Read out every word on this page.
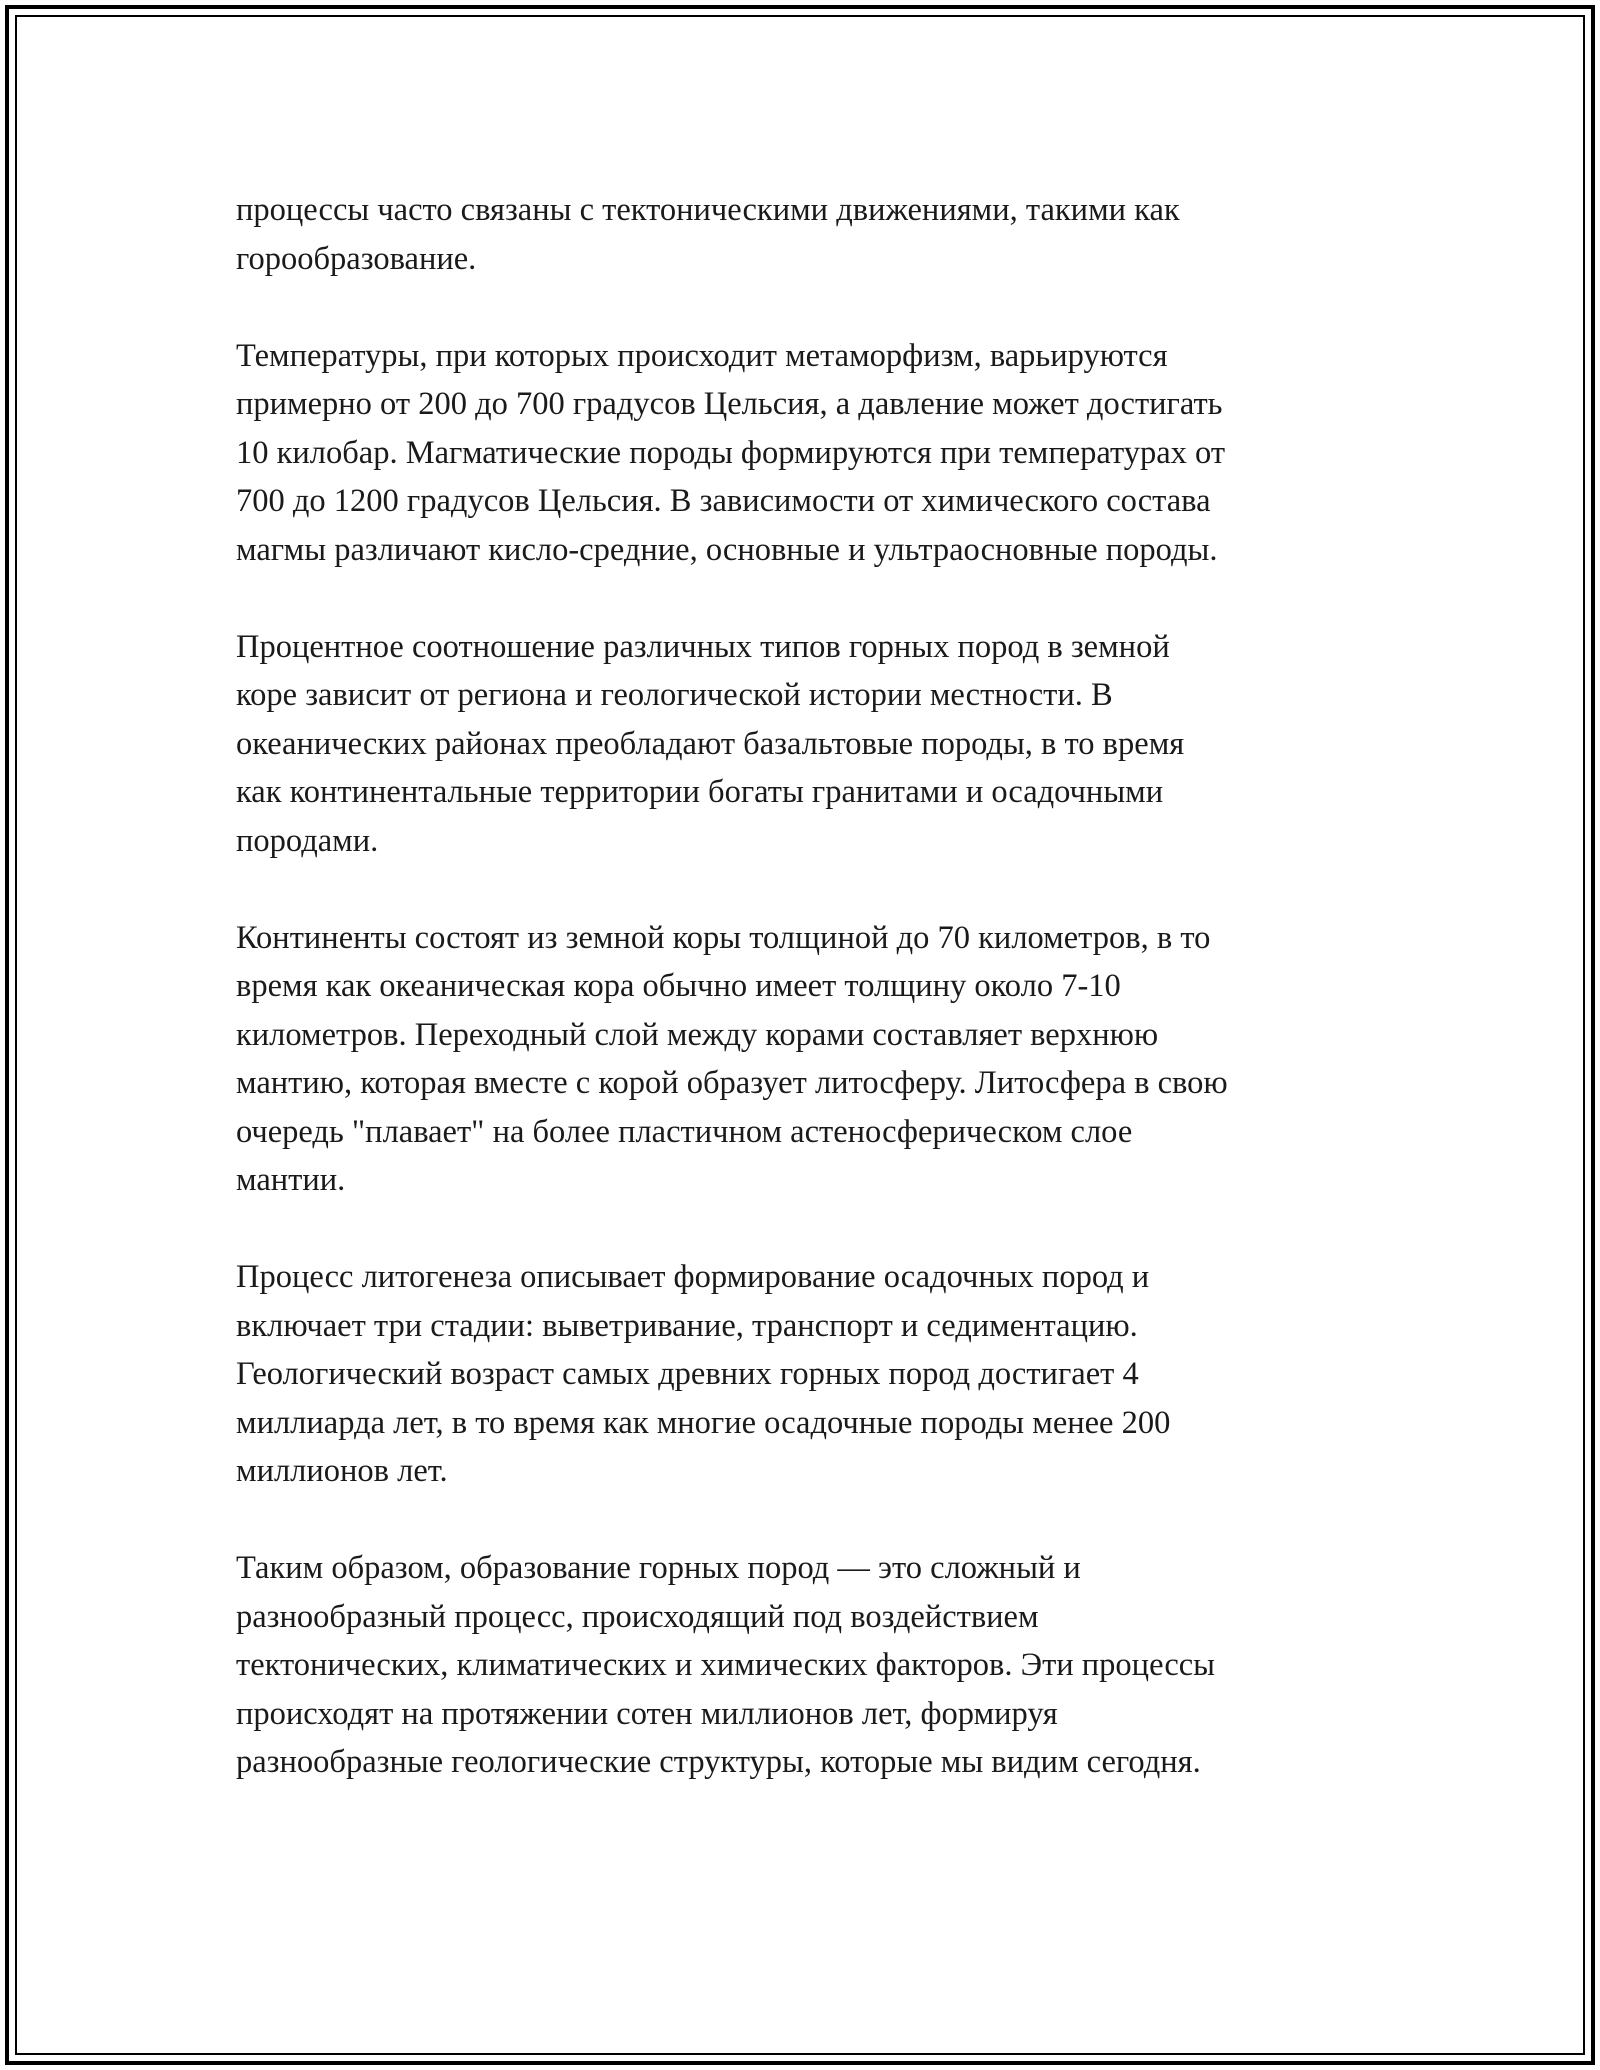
процессы часто связаны с тектоническими движениями, такими как
горообразование.

Температуры, при которых происходит метаморфизм, варьируются
примерно от 200 до 700 градусов Цельсия, а давление может достигать
10 килобар. Магматические породы формируются при температурах от
700 до 1200 градусов Цельсия. В зависимости от химического состава
магмы различают кисло-средние, основные и ультраосновные породы.

Процентное соотношение различных типов горных пород в земной
коре зависит от региона и геологической истории местности. В
океанических районах преобладают базальтовые породы, в то время
как континентальные территории богаты гранитами и осадочными
породами.

Континенты состоят из земной коры толщиной до 70 километров, в то
время как океаническая кора обычно имеет толщину около 7-10
километров. Переходный слой между корами составляет верхнюю
мантию, которая вместе с корой образует литосферу. Литосфера в свою
очередь "плавает" на более пластичном астеносферическом слое
мантии.

Процесс литогенеза описывает формирование осадочных пород и
включает три стадии: выветривание, транспорт и седиментацию.
Геологический возраст самых древних горных пород достигает 4
миллиарда лет, в то время как многие осадочные породы менее 200
миллионов лет.

Таким образом, образование горных пород — это сложный и
разнообразный процесс, происходящий под воздействием
тектонических, климатических и химических факторов. Эти процессы
происходят на протяжении сотен миллионов лет, формируя
разнообразные геологические структуры, которые мы видим сегодня.
